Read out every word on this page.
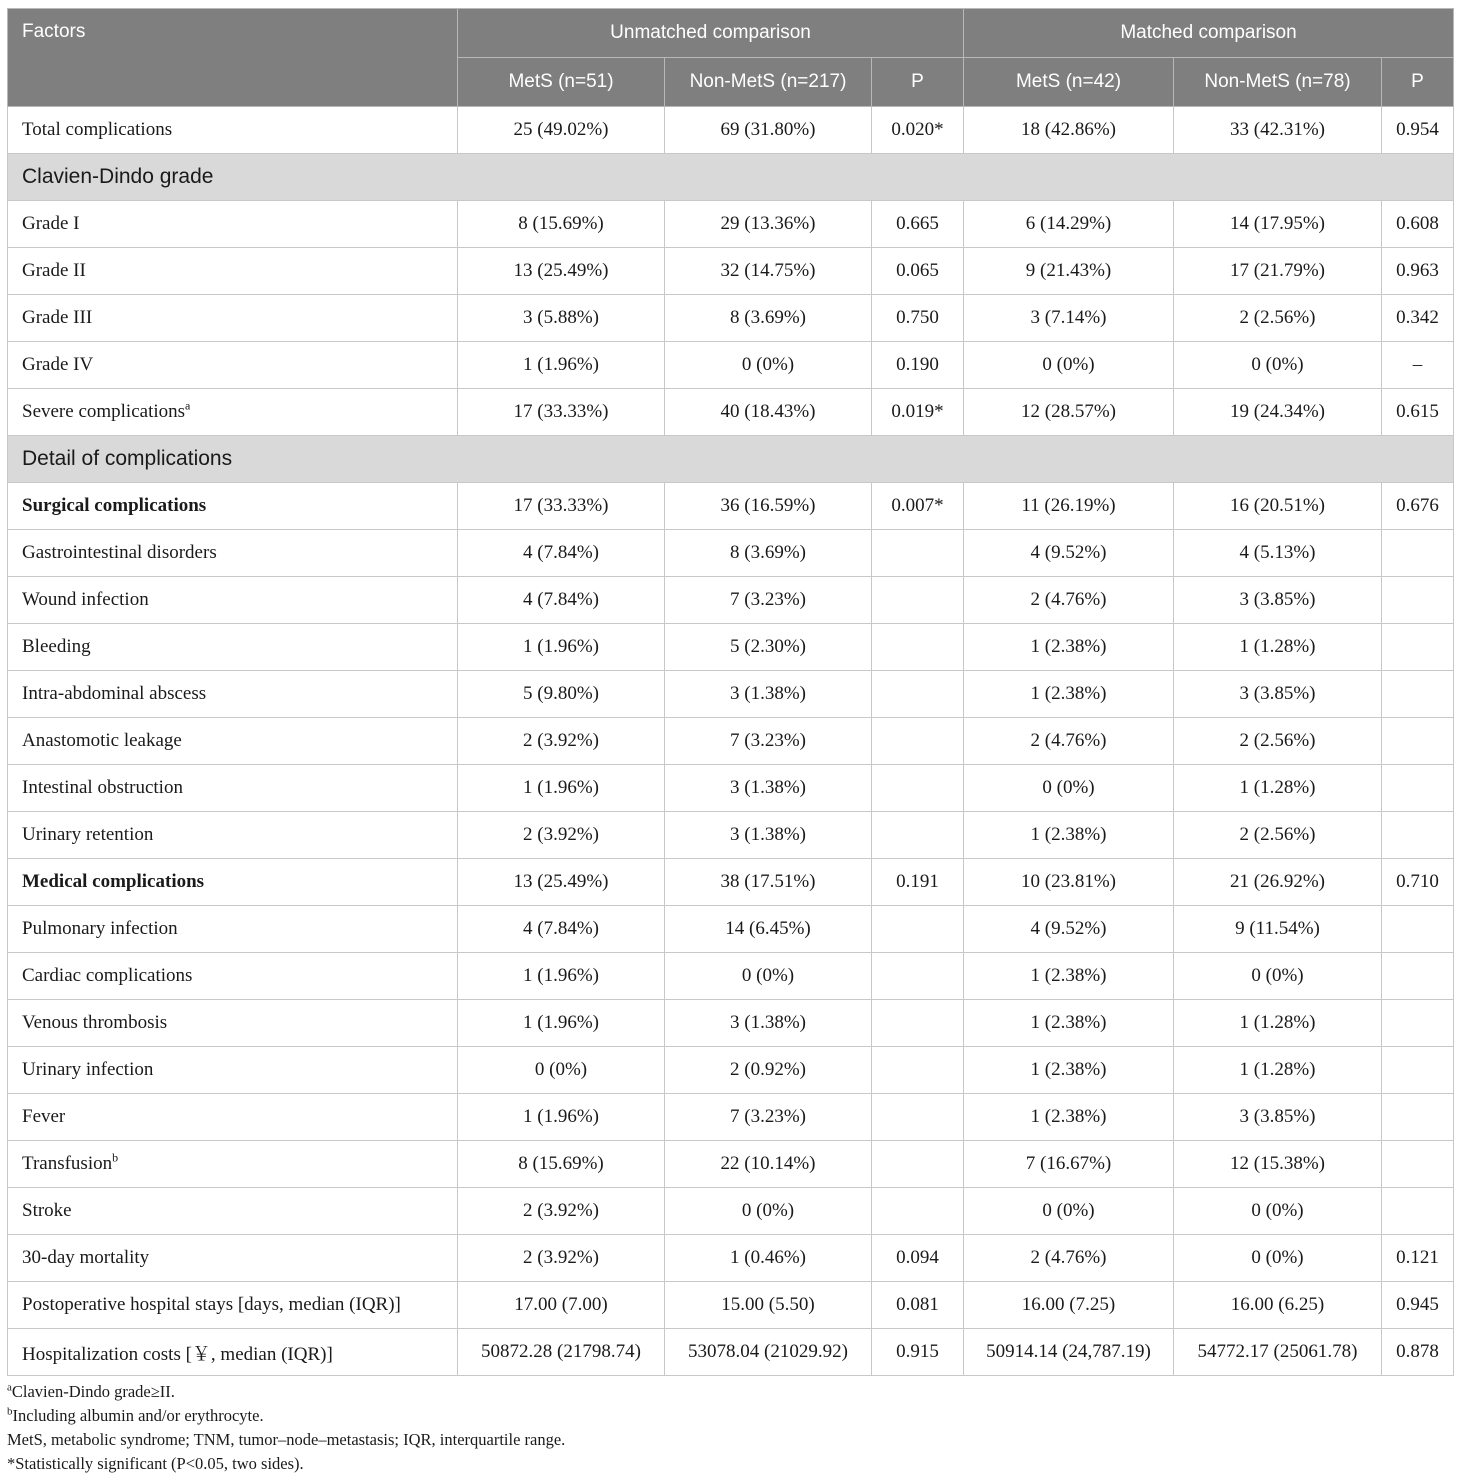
Factors	Unmatched comparison			Matched comparison		
	MetS (n=51)	Non-MetS (n=217)	P	MetS (n=42)	Non-MetS (n=78)	P
Total complications	25 (49.02%)	69 (31.80%)	0.020*	18 (42.86%)	33 (42.31%)	0.954
Clavien-Dindo grade						
Grade I	8 (15.69%)	29 (13.36%)	0.665	6 (14.29%)	14 (17.95%)	0.608
Grade II	13 (25.49%)	32 (14.75%)	0.065	9 (21.43%)	17 (21.79%)	0.963
Grade III	3 (5.88%)	8 (3.69%)	0.750	3 (7.14%)	2 (2.56%)	0.342
Grade IV	1 (1.96%)	0 (0%)	0.190	0 (0%)	0 (0%)	–
Severe complications$^a$	17 (33.33%)	40 (18.43%)	0.019*	12 (28.57%)	19 (24.34%)	0.615
Detail of complications						
Surgical complications	17 (33.33%)	36 (16.59%)	0.007*	11 (26.19%)	16 (20.51%)	0.676
Gastrointestinal disorders	4 (7.84%)	8 (3.69%)		4 (9.52%)	4 (5.13%)	
Wound infection	4 (7.84%)	7 (3.23%)		2 (4.76%)	3 (3.85%)	
Bleeding	1 (1.96%)	5 (2.30%)		1 (2.38%)	1 (1.28%)	
Intra-abdominal abscess	5 (9.80%)	3 (1.38%)		1 (2.38%)	3 (3.85%)	
Anastomotic leakage	2 (3.92%)	7 (3.23%)		2 (4.76%)	2 (2.56%)	
Intestinal obstruction	1 (1.96%)	3 (1.38%)		0 (0%)	1 (1.28%)	
Urinary retention	2 (3.92%)	3 (1.38%)		1 (2.38%)	2 (2.56%)	
Medical complications	13 (25.49%)	38 (17.51%)	0.191	10 (23.81%)	21 (26.92%)	0.710
Pulmonary infection	4 (7.84%)	14 (6.45%)		4 (9.52%)	9 (11.54%)	
Cardiac complications	1 (1.96%)	0 (0%)		1 (2.38%)	0 (0%)	
Venous thrombosis	1 (1.96%)	3 (1.38%)		1 (2.38%)	1 (1.28%)	
Urinary infection	0 (0%)	2 (0.92%)		1 (2.38%)	1 (1.28%)	
Fever	1 (1.96%)	7 (3.23%)		1 (2.38%)	3 (3.85%)	
Transfusion$^b$	8 (15.69%)	22 (10.14%)		7 (16.67%)	12 (15.38%)	
Stroke	2 (3.92%)	0 (0%)		0 (0%)	0 (0%)	
30-day mortality	2 (3.92%)	1 (0.46%)	0.094	2 (4.76%)	0 (0%)	0.121
Postoperative hospital stays [days, median (IQR)]	17.00 (7.00)	15.00 (5.50)	0.081	16.00 (7.25)	16.00 (6.25)	0.945
Hospitalization costs [￥, median (IQR)]	50872.28 (21798.74)	53078.04 (21029.92)	0.915	50914.14 (24,787.19)	54772.17 (25061.78)	0.878
$^a$Clavien-Dindo grade≥II.
$^b$Including albumin and/or erythrocyte.
MetS, metabolic syndrome; TNM, tumor–node–metastasis; IQR, interquartile range.
*Statistically significant (P<0.05, two sides).
